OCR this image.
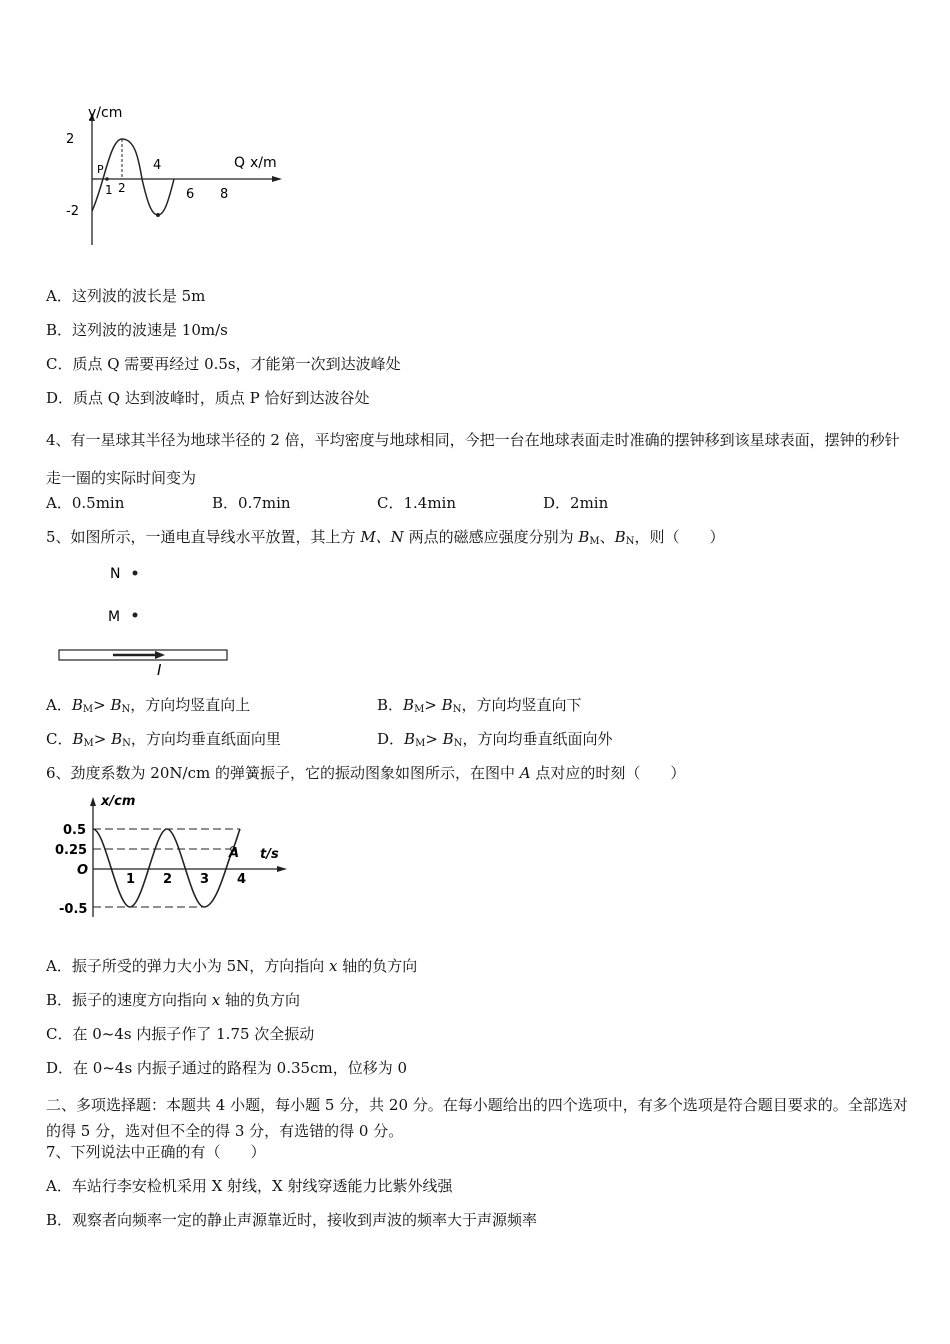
y/cm
x/m
2
-2
P	Q
1 2
4
6 8
A．这列波的波长是 5m
B．这列波的波速是 10m/s
C．质点 Q 需要再经过 0.5s，才能第一次到达波峰处
D．质点 Q 达到波峰时，质点 P 恰好到达波谷处
4、有一星球其半径为地球半径的 2 倍，平均密度与地球相同，今把一台在地球表面走时准确的摆钟移到该星球表面，摆钟的秒针走一圈的实际时间变为
A．0.5min	B．0.7min	C．1.4min	D．2min
5、如图所示，一通电直导线水平放置，其上方 M、N 两点的磁感应强度分别为 $B_M$、$B_N$，则（　　）
N
M
I
A．$B_M> B_N$，方向均竖直向上	B．$B_M> B_N$，方向均竖直向下
C．$B_M> B_N$，方向均垂直纸面向里	D．$B_M> B_N$，方向均垂直纸面向外
6、劲度系数为 20N/cm 的弹簧振子，它的振动图象如图所示，在图中 A 点对应的时刻（　　）
x/cm
t/s
0.5
0.25
O
-0.5
A
1 2 3 4
A．振子所受的弹力大小为 5N，方向指向 x 轴的负方向
B．振子的速度方向指向 x 轴的负方向
C．在 0~4s 内振子作了 1.75 次全振动
D．在 0~4s 内振子通过的路程为 0.35cm，位移为 0
二、多项选择题：本题共 4 小题，每小题 5 分，共 20 分。在每小题给出的四个选项中，有多个选项是符合题目要求的。全部选对的得 5 分，选对但不全的得 3 分，有选错的得 0 分。
7、下列说法中正确的有（　　）
A．车站行李安检机采用 X 射线，X 射线穿透能力比紫外线强
B．观察者向频率一定的静止声源靠近时，接收到声波的频率大于声源频率
